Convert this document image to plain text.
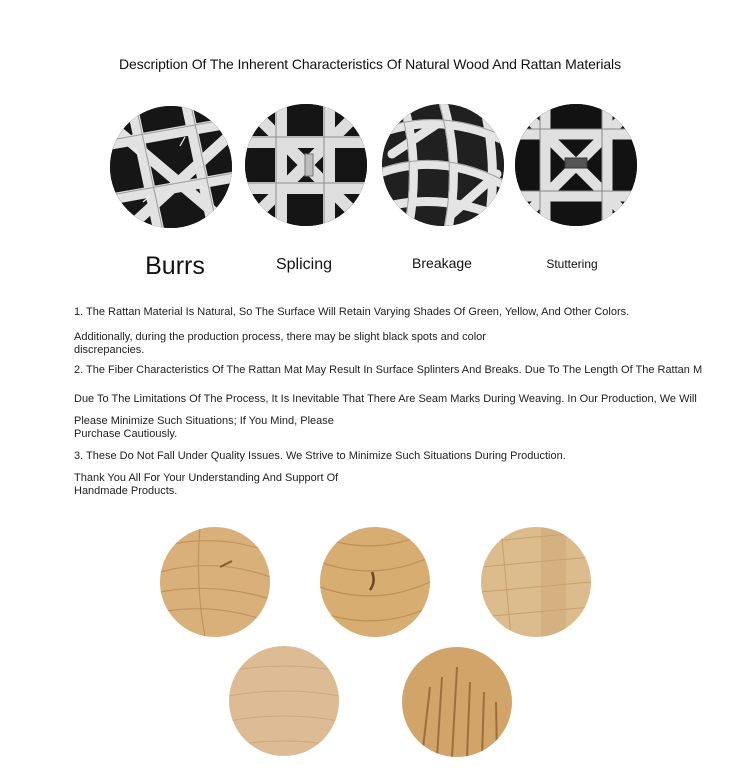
Description Of The Inherent Characteristics Of Natural Wood And Rattan Materials
Burrs	Splicing	Breakage	Stuttering
1. The Rattan Material Is Natural, So The Surface Will Retain Varying Shades Of Green, Yellow, And Other Colors.
Additionally, during the production process, there may be slight black spots and color discrepancies.
2. The Fiber Characteristics Of The Rattan Mat May Result In Surface Splinters And Breaks. Due To The Length Of The Rattan M
Due To The Limitations Of The Process, It Is Inevitable That There Are Seam Marks During Weaving. In Our Production, We Will
Please Minimize Such Situations; If You Mind, Please Purchase Cautiously.
3. These Do Not Fall Under Quality Issues. We Strive to Minimize Such Situations During Production.
Thank You All For Your Understanding And Support Of Handmade Products.
